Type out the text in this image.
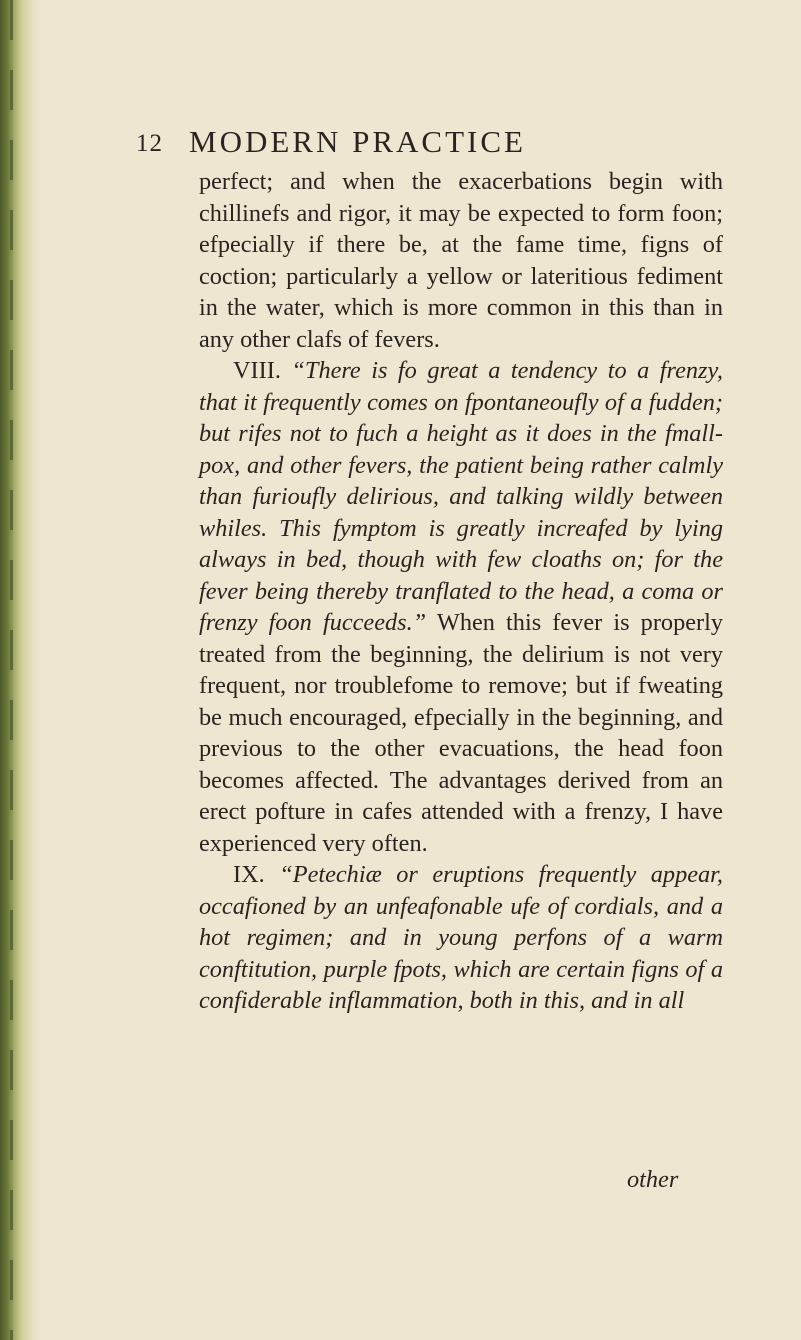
12 MODERN PRACTICE

perfect; and when the exacerbations begin with chillinefs and rigor, it may be expected to form foon; efpecially if there be, at the fame time, figns of coction; particularly a yellow or lateritious fediment in the water, which is more common in this than in any other clafs of fevers.

VIII. “There is fo great a tendency to a frenzy, that it frequently comes on fpontaneoufly of a fudden; but rifes not to fuch a height as it does in the fmall-pox, and other fevers, the patient being rather calmly than furioufly delirious, and talking wildly between whiles. This fymptom is greatly increafed by lying always in bed, though with few cloaths on; for the fever being thereby tranflated to the head, a coma or frenzy foon fucceeds.” When this fever is properly treated from the beginning, the delirium is not very frequent, nor troublefome to remove; but if fweating be much encouraged, efpecially in the beginning, and previous to the other evacuations, the head foon becomes affected. The advantages derived from an erect pofture in cafes attended with a frenzy, I have experienced very often.

IX. “Petechiæ or eruptions frequently appear, occafioned by an unfeafonable ufe of cordials, and a hot regimen; and in young perfons of a warm conftitution, purple fpots, which are certain figns of a confiderable inflammation, both in this, and in all

other
